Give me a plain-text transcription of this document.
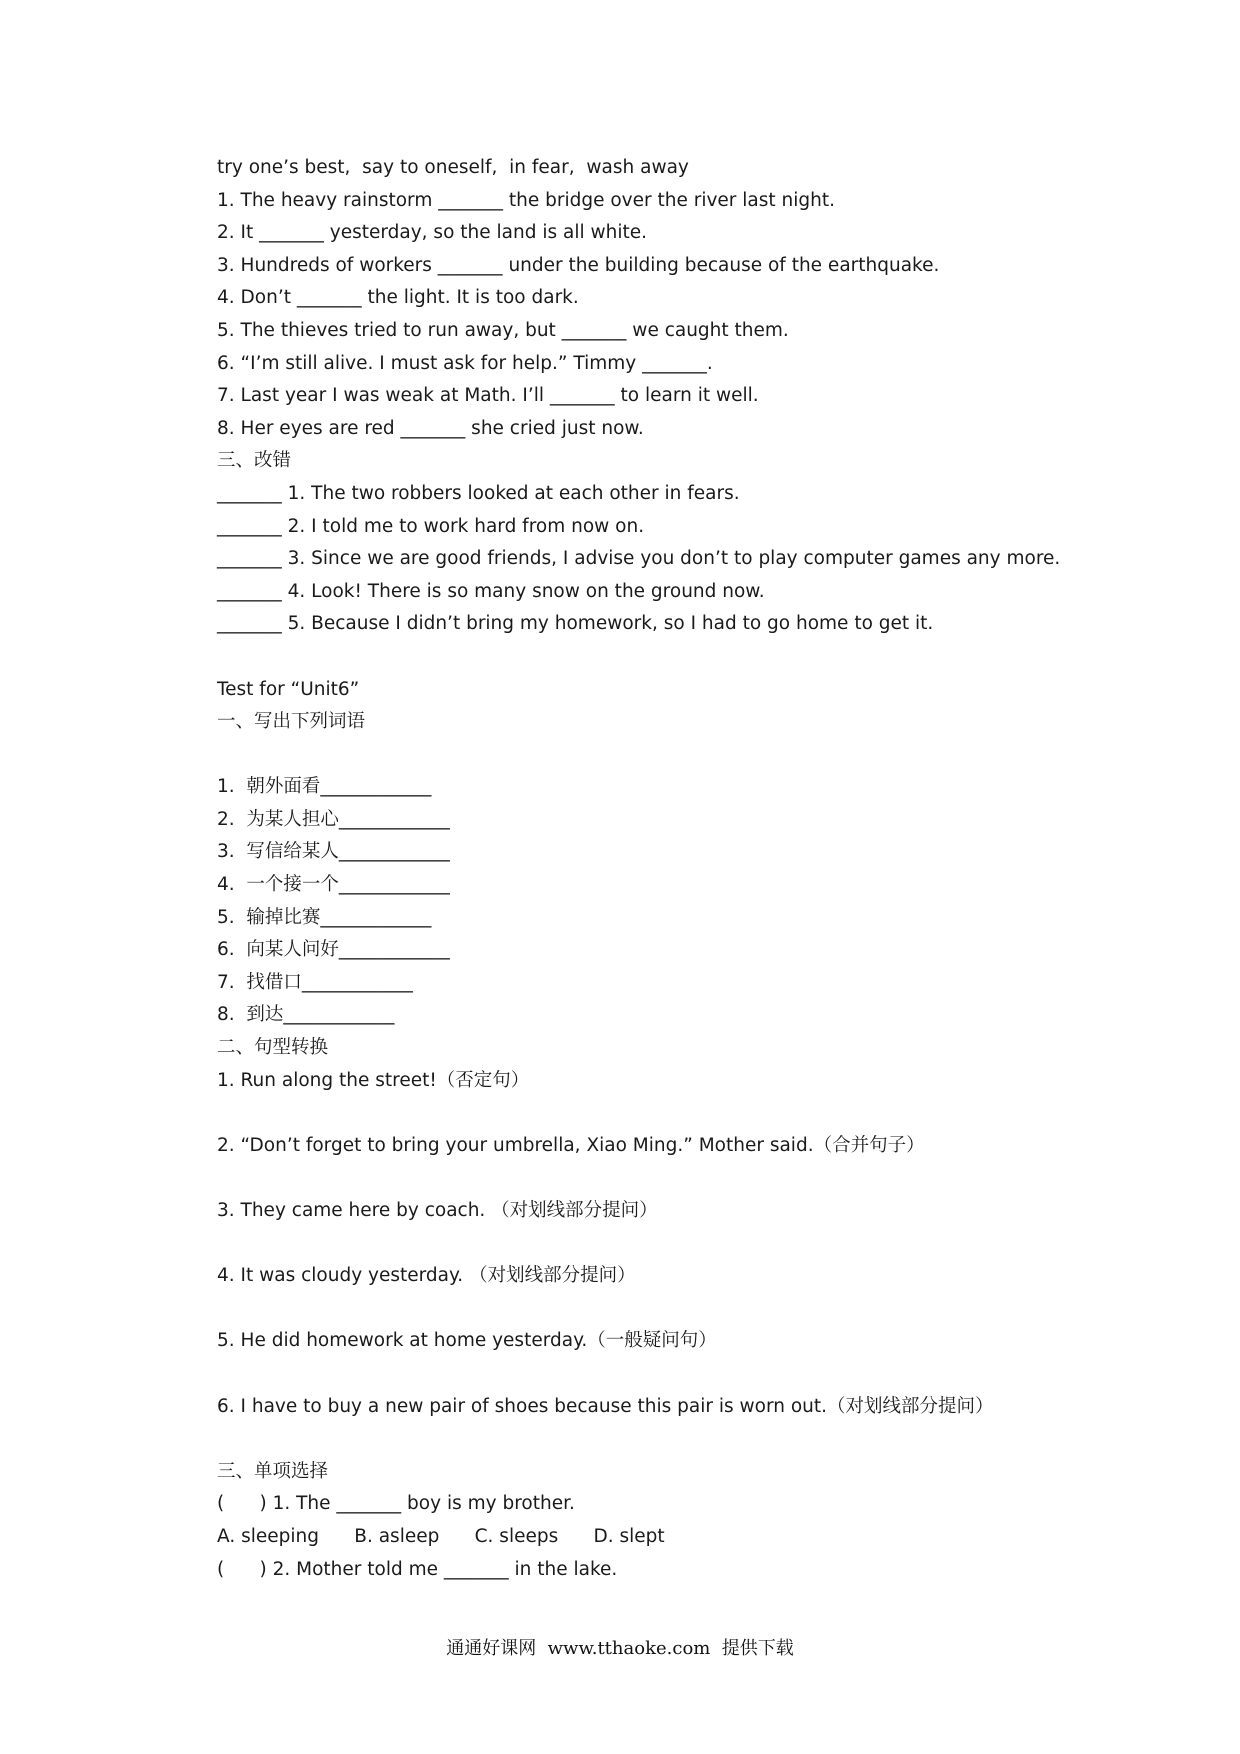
try one’s best,  say to oneself,  in fear,  wash away
1. The heavy rainstorm _______ the bridge over the river last night.
2. It _______ yesterday, so the land is all white.
3. Hundreds of workers _______ under the building because of the earthquake.
4. Don’t _______ the light. It is too dark.
5. The thieves tried to run away, but _______ we caught them.
6. “I’m still alive. I must ask for help.” Timmy _______.
7. Last year I was weak at Math. I’ll _______ to learn it well.
8. Her eyes are red _______ she cried just now.
三、改错
_______ 1. The two robbers looked at each other in fears.
_______ 2. I told me to work hard from now on.
_______ 3. Since we are good friends, I advise you don’t to play computer games any more.
_______ 4. Look! There is so many snow on the ground now.
_______ 5. Because I didn’t bring my homework, so I had to go home to get it.
Test for “Unit6”
一、写出下列词语
1.  朝外面看____________
2.  为某人担心____________
3.  写信给某人____________
4.  一个接一个____________
5.  输掉比赛____________
6.  向某人问好____________
7.  找借口____________
8.  到达____________
二、句型转换
1. Run along the street!（否定句）
2. “Don’t forget to bring your umbrella, Xiao Ming.” Mother said.（合并句子）
3. They came here by coach. （对划线部分提问）
4. It was cloudy yesterday. （对划线部分提问）
5. He did homework at home yesterday.（一般疑问句）
6. I have to buy a new pair of shoes because this pair is worn out.（对划线部分提问）
三、单项选择
(      ) 1. The _______ boy is my brother.
A. sleeping      B. asleep      C. sleeps      D. slept
(      ) 2. Mother told me _______ in the lake.
通通好课网  www.tthaoke.com  提供下载
